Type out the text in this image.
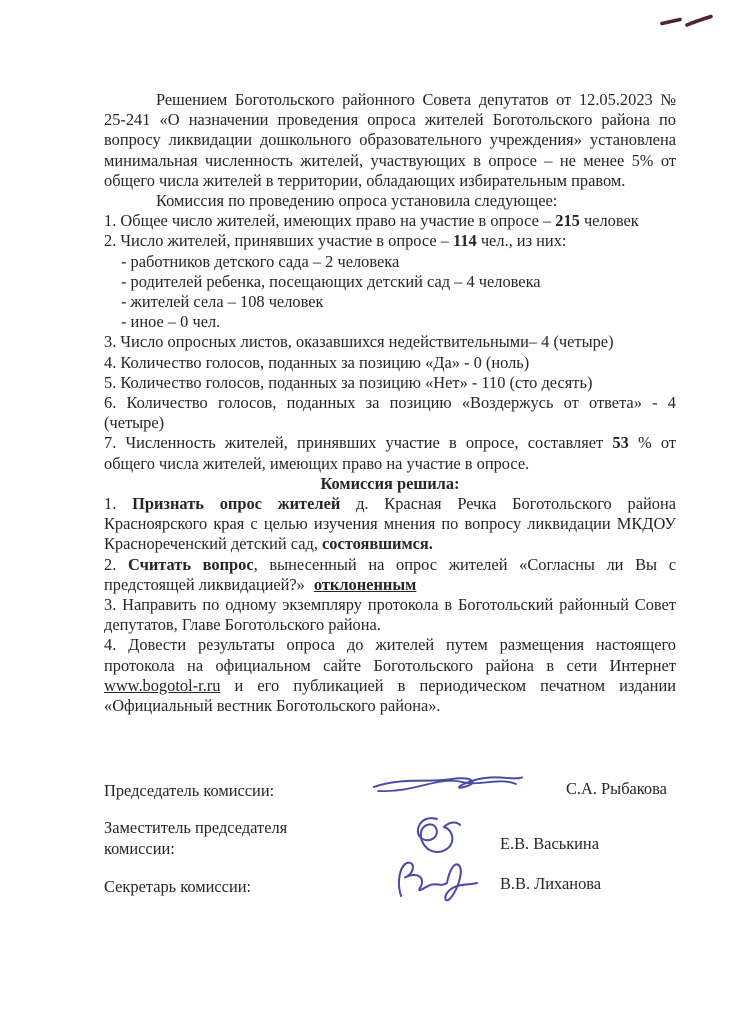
Решением Боготольского районного Совета депутатов от 12.05.2023 № 25-241 «О назначении проведения опроса жителей Боготольского района по вопросу ликвидации дошкольного образовательного учреждения» установлена минимальная численность жителей, участвующих в опросе – не менее 5% от общего числа жителей в территории, обладающих избирательным правом.

Комиссия по проведению опроса установила следующее:

1. Общее число жителей, имеющих право на участие в опросе – 215 человек

2. Число жителей, принявших участие в опросе – 114 чел., из них:

- работников детского сада – 2 человека

- родителей ребенка, посещающих детский сад – 4 человека

- жителей села – 108 человек

- иное – 0 чел.

3. Число опросных листов, оказавшихся недействительными– 4 (четыре)

4. Количество голосов, поданных за позицию «Да» - 0 (ноль)

5. Количество голосов, поданных за позицию «Нет» - 110 (сто десять)

6. Количество голосов, поданных за позицию «Воздержусь от ответа» - 4 (четыре)

7. Численность жителей, принявших участие в опросе, составляет 53 % от общего числа жителей, имеющих право на участие в опросе.

Комиссия решила:

1. Признать опрос жителей д. Красная Речка Боготольского района Красноярского края с целью изучения мнения по вопросу ликвидации МКДОУ Краснореченский детский сад, состоявшимся.

2. Считать вопрос, вынесенный на опрос жителей «Согласны ли Вы с предстоящей ликвидацией?» отклоненным

3. Направить по одному экземпляру протокола в Боготольский районный Совет депутатов, Главе Боготольского района.

4. Довести результаты опроса до жителей путем размещения настоящего протокола на официальном сайте Боготольского района в сети Интернет www.bogotol-r.ru и его публикацией в периодическом печатном издании «Официальный вестник Боготольского района».

Председатель комиссии:	С.А. Рыбакова
Заместитель председателя комиссии:	Е.В. Васькина
Секретарь комиссии:	В.В. Лиханова
